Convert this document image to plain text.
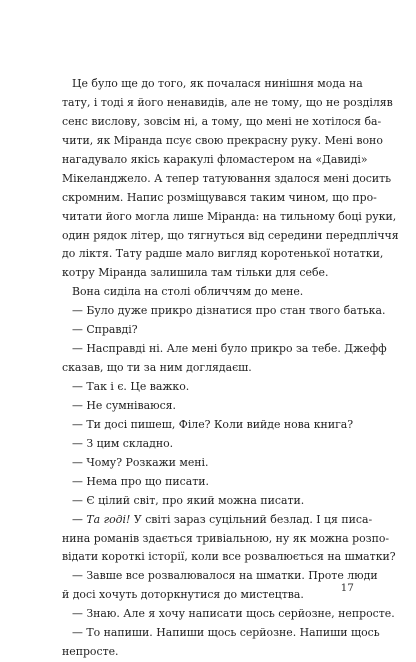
Це було ще до того, як почалася нинішня мода на
тату, і тоді я його ненавидів, але не тому, що не розділяв
сенс вислову, зовсім ні, а тому, що мені не хотілося ба-
чити, як Міранда псує свою прекрасну руку. Мені воно
нагадувало якісь каракулі фломастером на «Давиді»
Мікеланджело. А тепер татуювання здалося мені досить
скромним. Напис розміщувався таким чином, що про-
читати його могла лише Міранда: на тильному боці руки,
один рядок літер, що тягнуться від середини передпліччя
до ліктя. Тату радше мало вигляд коротенької нотатки,
котру Міранда залишила там тільки для себе.
Вона сиділа на столі обличчям до мене.
— Було дуже прикро дізнатися про стан твого батька.
— Справді?
— Насправді ні. Але мені було прикро за тебе. Джефф
сказав, що ти за ним доглядаєш.
— Так і є. Це важко.
— Не сумніваюся.
— Ти досі пишеш, Філе? Коли вийде нова книга?
— З цим складно.
— Чому? Розкажи мені.
— Нема про що писати.
— Є цілий світ, про який можна писати.
— Та годі! У світі зараз суцільний безлад. І ця писа-
нина романів здається тривіальною, ну як можна розпо-
відати короткі історії, коли все розвалюється на шматки?
— Завше все розвалювалося на шматки. Проте люди
й досі хочуть доторкнутися до мистецтва.
— Знаю. Але я хочу написати щось серйозне, непросте.
— То напиши. Напиши щось серйозне. Напиши щось
непросте.
17
